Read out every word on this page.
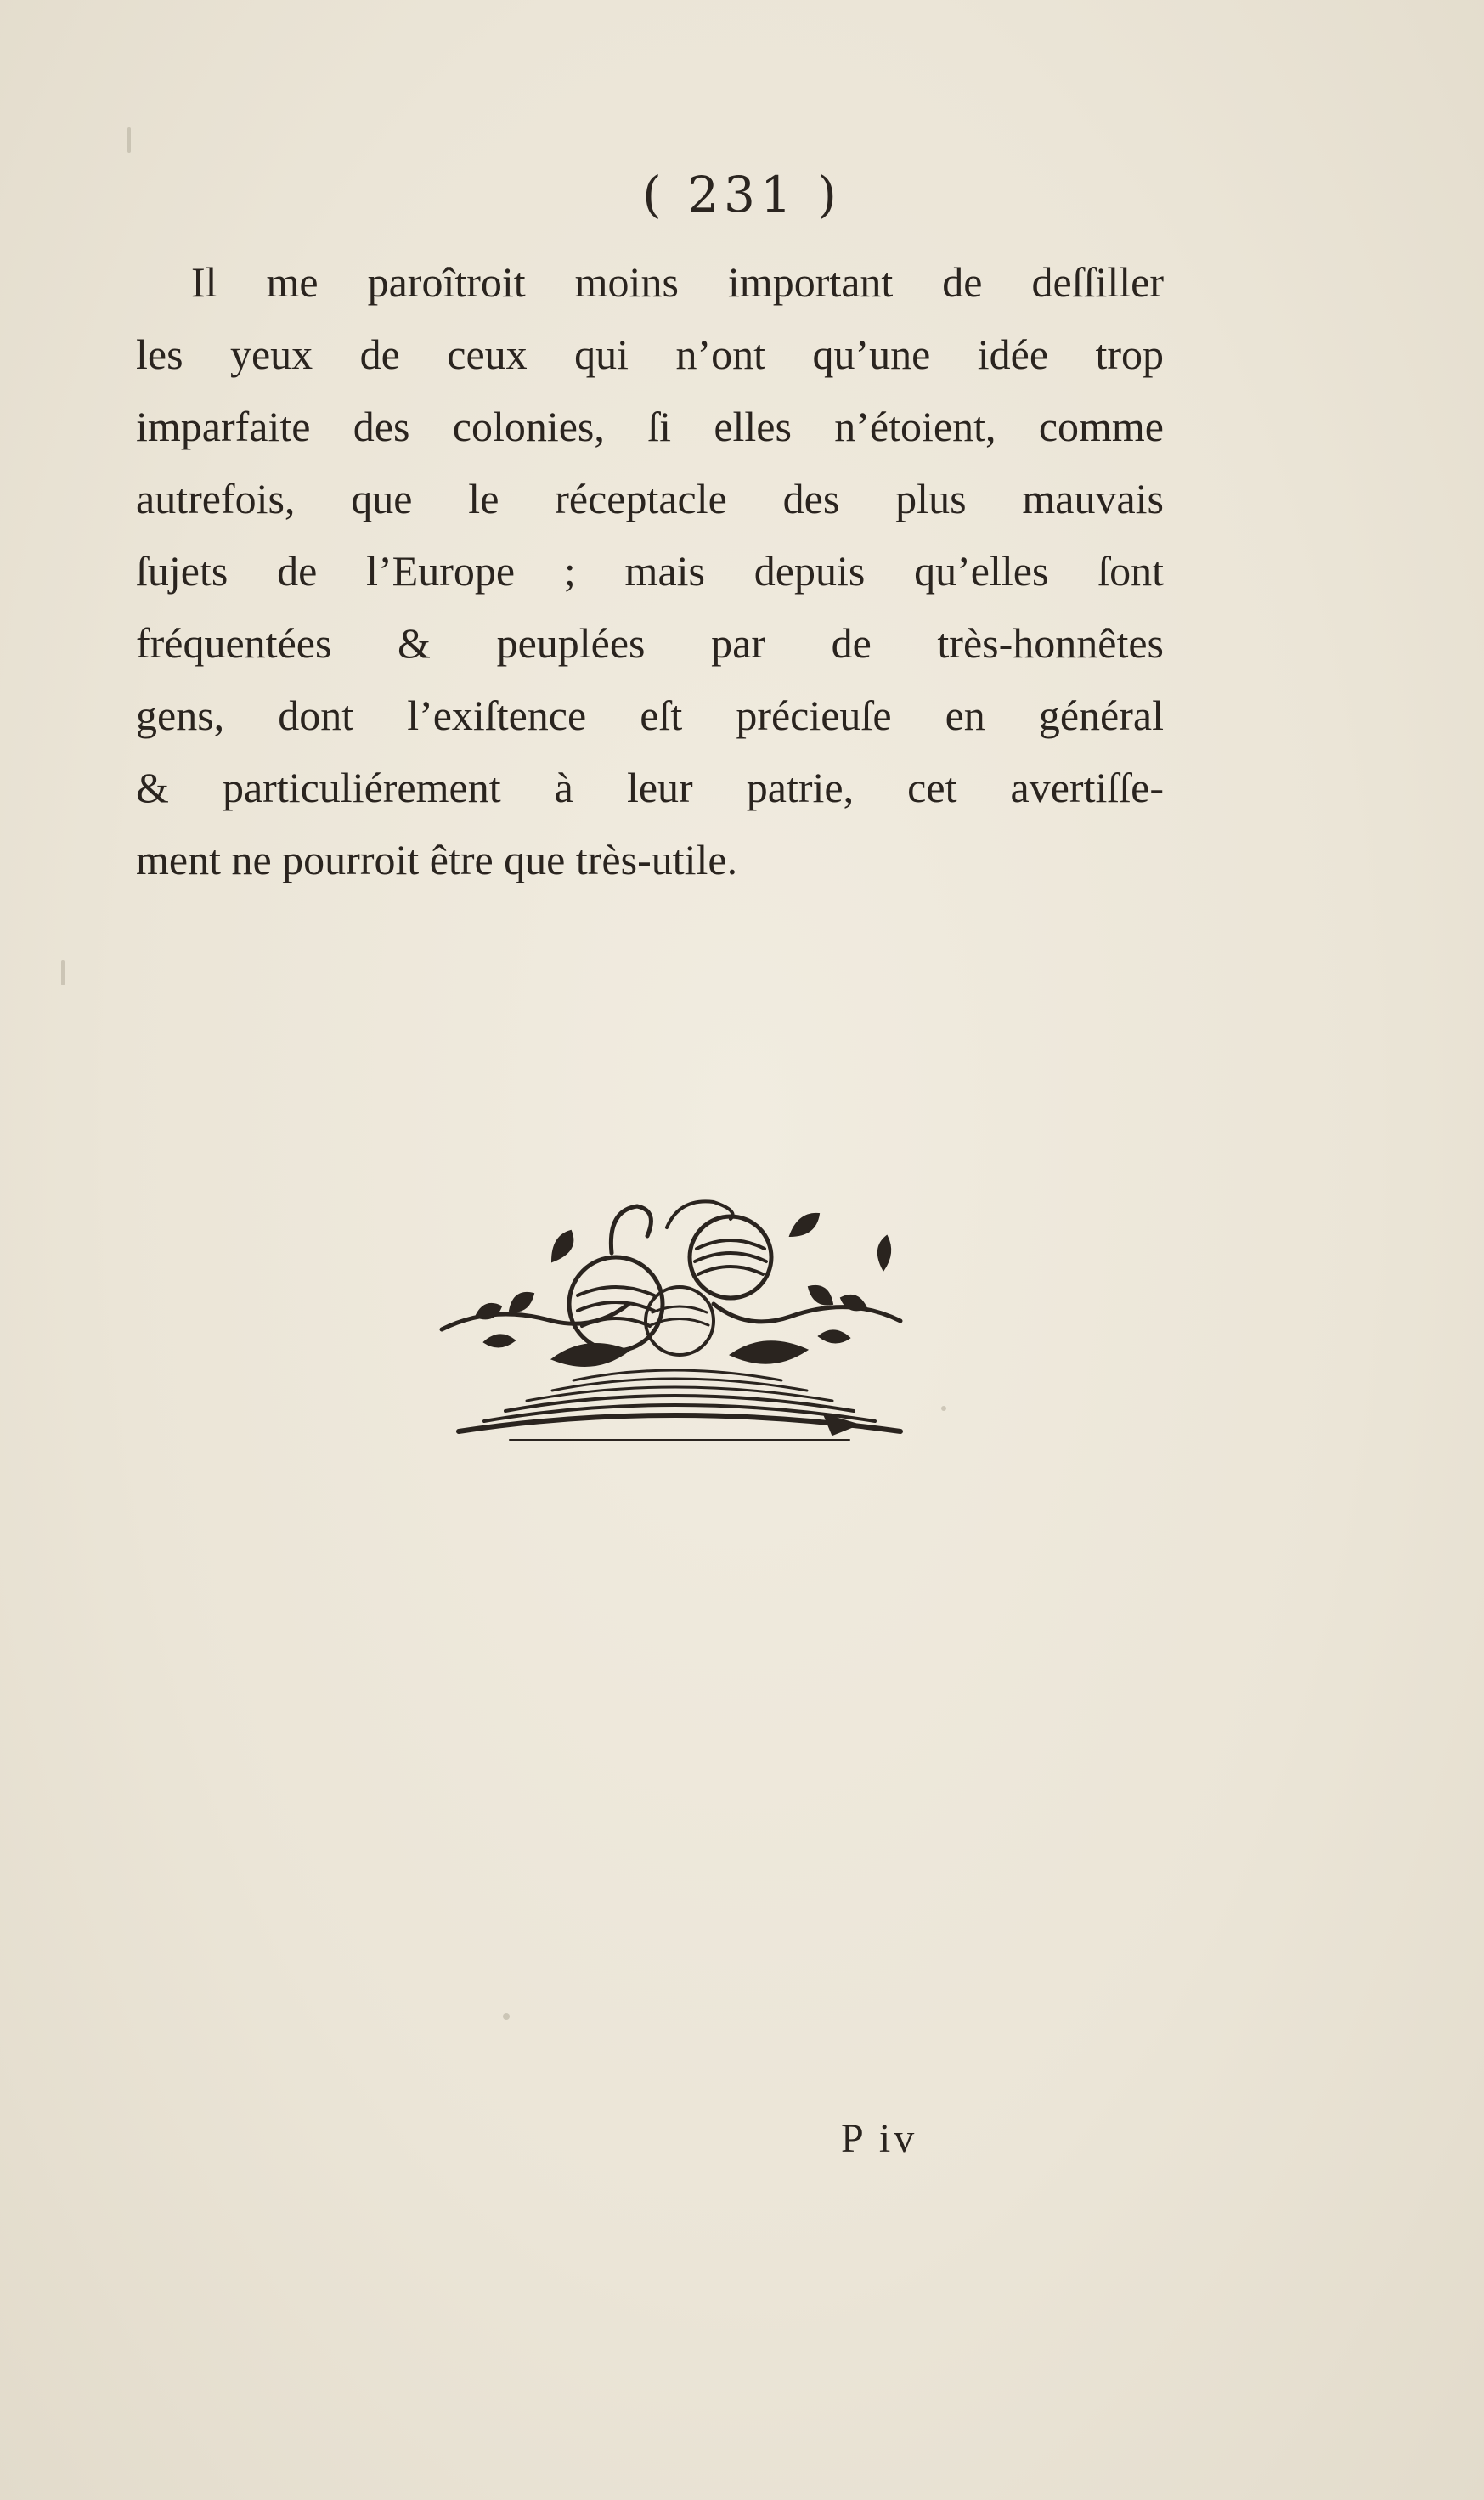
( 231 )
Il me paroîtroit moins important de deſſiller
les yeux de ceux qui n’ont qu’une idée trop
imparfaite des colonies, ſi elles n’étoient, comme
autrefois, que le réceptacle des plus mauvais
ſujets de l’Europe ; mais depuis qu’elles ſont
fréquentées & peuplées par de très-honnêtes
gens, dont l’exiſtence eſt précieuſe en général
& particuliérement à leur patrie, cet avertiſſe-
ment ne pourroit être que très-utile.
P iv
